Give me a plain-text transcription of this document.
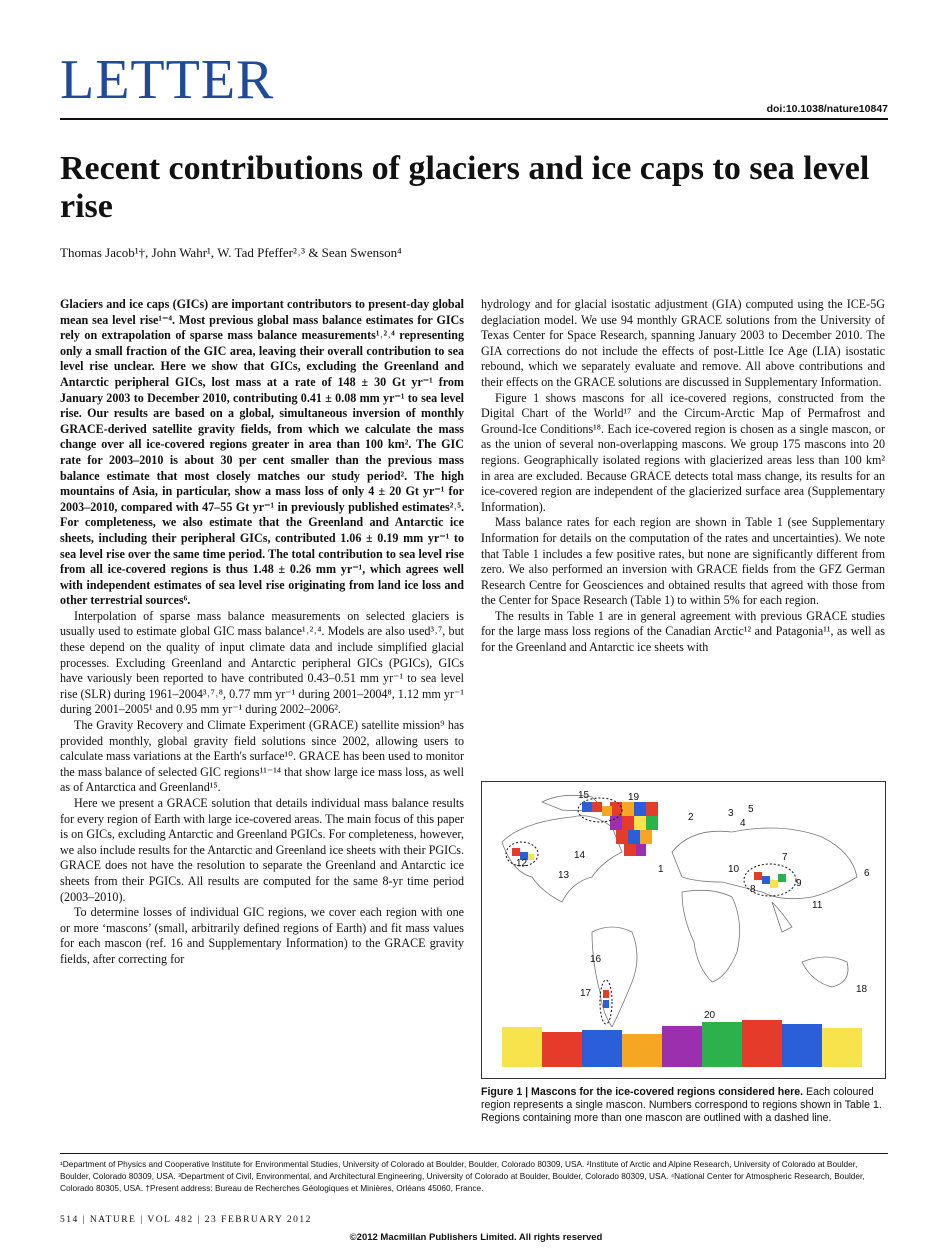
LETTER	doi:10.1038/nature10847
Recent contributions of glaciers and ice caps to sea level rise
Thomas Jacob¹†, John Wahr¹, W. Tad Pfeffer²˒³ & Sean Swenson⁴

Glaciers and ice caps (GICs) are important contributors to present-day global mean sea level rise¹⁻⁴. Most previous global mass balance estimates for GICs rely on extrapolation of sparse mass balance measurements¹˒²˒⁴ representing only a small fraction of the GIC area, leaving their overall contribution to sea level rise unclear. Here we show that GICs, excluding the Greenland and Antarctic peripheral GICs, lost mass at a rate of 148 ± 30 Gt yr⁻¹ from January 2003 to December 2010, contributing 0.41 ± 0.08 mm yr⁻¹ to sea level rise. Our results are based on a global, simultaneous inversion of monthly GRACE-derived satellite gravity fields, from which we calculate the mass change over all ice-covered regions greater in area than 100 km². The GIC rate for 2003–2010 is about 30 per cent smaller than the previous mass balance estimate that most closely matches our study period². The high mountains of Asia, in particular, show a mass loss of only 4 ± 20 Gt yr⁻¹ for 2003–2010, compared with 47–55 Gt yr⁻¹ in previously published estimates²˒⁵. For completeness, we also estimate that the Greenland and Antarctic ice sheets, including their peripheral GICs, contributed 1.06 ± 0.19 mm yr⁻¹ to sea level rise over the same time period. The total contribution to sea level rise from all ice-covered regions is thus 1.48 ± 0.26 mm yr⁻¹, which agrees well with independent estimates of sea level rise originating from land ice loss and other terrestrial sources⁶.

Interpolation of sparse mass balance measurements on selected glaciers is usually used to estimate global GIC mass balance¹˒²˒⁴. Models are also used³˒⁷, but these depend on the quality of input climate data and include simplified glacial processes. Excluding Greenland and Antarctic peripheral GICs (PGICs), GICs have variously been reported to have contributed 0.43–0.51 mm yr⁻¹ to sea level rise (SLR) during 1961–2004³˒⁷˒⁸, 0.77 mm yr⁻¹ during 2001–2004⁸, 1.12 mm yr⁻¹ during 2001–2005¹ and 0.95 mm yr⁻¹ during 2002–2006².

The Gravity Recovery and Climate Experiment (GRACE) satellite mission⁹ has provided monthly, global gravity field solutions since 2002, allowing users to calculate mass variations at the Earth's surface¹⁰. GRACE has been used to monitor the mass balance of selected GIC regions¹¹⁻¹⁴ that show large ice mass loss, as well as of Antarctica and Greenland¹⁵.

Here we present a GRACE solution that details individual mass balance results for every region of Earth with large ice-covered areas. The main focus of this paper is on GICs, excluding Antarctic and Greenland PGICs. For completeness, however, we also include results for the Antarctic and Greenland ice sheets with their PGICs. GRACE does not have the resolution to separate the Greenland and Antarctic ice sheets from their PGICs. All results are computed for the same 8-yr time period (2003–2010).

To determine losses of individual GIC regions, we cover each region with one or more ‘mascons’ (small, arbitrarily defined regions of Earth) and fit mass values for each mascon (ref. 16 and Supplementary Information) to the GRACE gravity fields, after correcting for

hydrology and for glacial isostatic adjustment (GIA) computed using the ICE-5G deglaciation model. We use 94 monthly GRACE solutions from the University of Texas Center for Space Research, spanning January 2003 to December 2010. The GIA corrections do not include the effects of post-Little Ice Age (LIA) isostatic rebound, which we separately evaluate and remove. All above contributions and their effects on the GRACE solutions are discussed in Supplementary Information.

Figure 1 shows mascons for all ice-covered regions, constructed from the Digital Chart of the World¹⁷ and the Circum-Arctic Map of Permafrost and Ground-Ice Conditions¹⁸. Each ice-covered region is chosen as a single mascon, or as the union of several non-overlapping mascons. We group 175 mascons into 20 regions. Geographically isolated regions with glacierized areas less than 100 km² in area are excluded. Because GRACE detects total mass change, its results for an ice-covered region are independent of the glacierized surface area (Supplementary Information).

Mass balance rates for each region are shown in Table 1 (see Supplementary Information for details on the computation of the rates and uncertainties). We note that Table 1 includes a few positive rates, but none are significantly different from zero. We also performed an inversion with GRACE fields from the GFZ German Research Centre for Geosciences and obtained results that agreed with those from the Center for Space Research (Table 1) to within 5% for each region.

The results in Table 1 are in general agreement with previous GRACE studies for the large mass loss regions of the Canadian Arctic¹² and Patagonia¹¹, as well as for the Greenland and Antarctic ice sheets with

1
2	3
4
5
6
7
8
9
10
11
12
13
14
15
16
17	18
19
20
Figure 1 | Mascons for the ice-covered regions considered here. Each coloured region represents a single mascon. Numbers correspond to regions shown in Table 1. Regions containing more than one mascon are outlined with a dashed line.
¹Department of Physics and Cooperative Institute for Environmental Studies, University of Colorado at Boulder, Boulder, Colorado 80309, USA. ²Institute of Arctic and Alpine Research, University of Colorado at Boulder, Boulder, Colorado 80309, USA. ³Department of Civil, Environmental, and Architectural Engineering, University of Colorado at Boulder, Boulder, Colorado 80309, USA. ⁴National Center for Atmospheric Research, Boulder, Colorado 80305, USA. †Present address: Bureau de Recherches Géologiques et Minières, Orléans 45060, France.
514 | NATURE | VOL 482 | 23 FEBRUARY 2012
©2012 Macmillan Publishers Limited. All rights reserved
